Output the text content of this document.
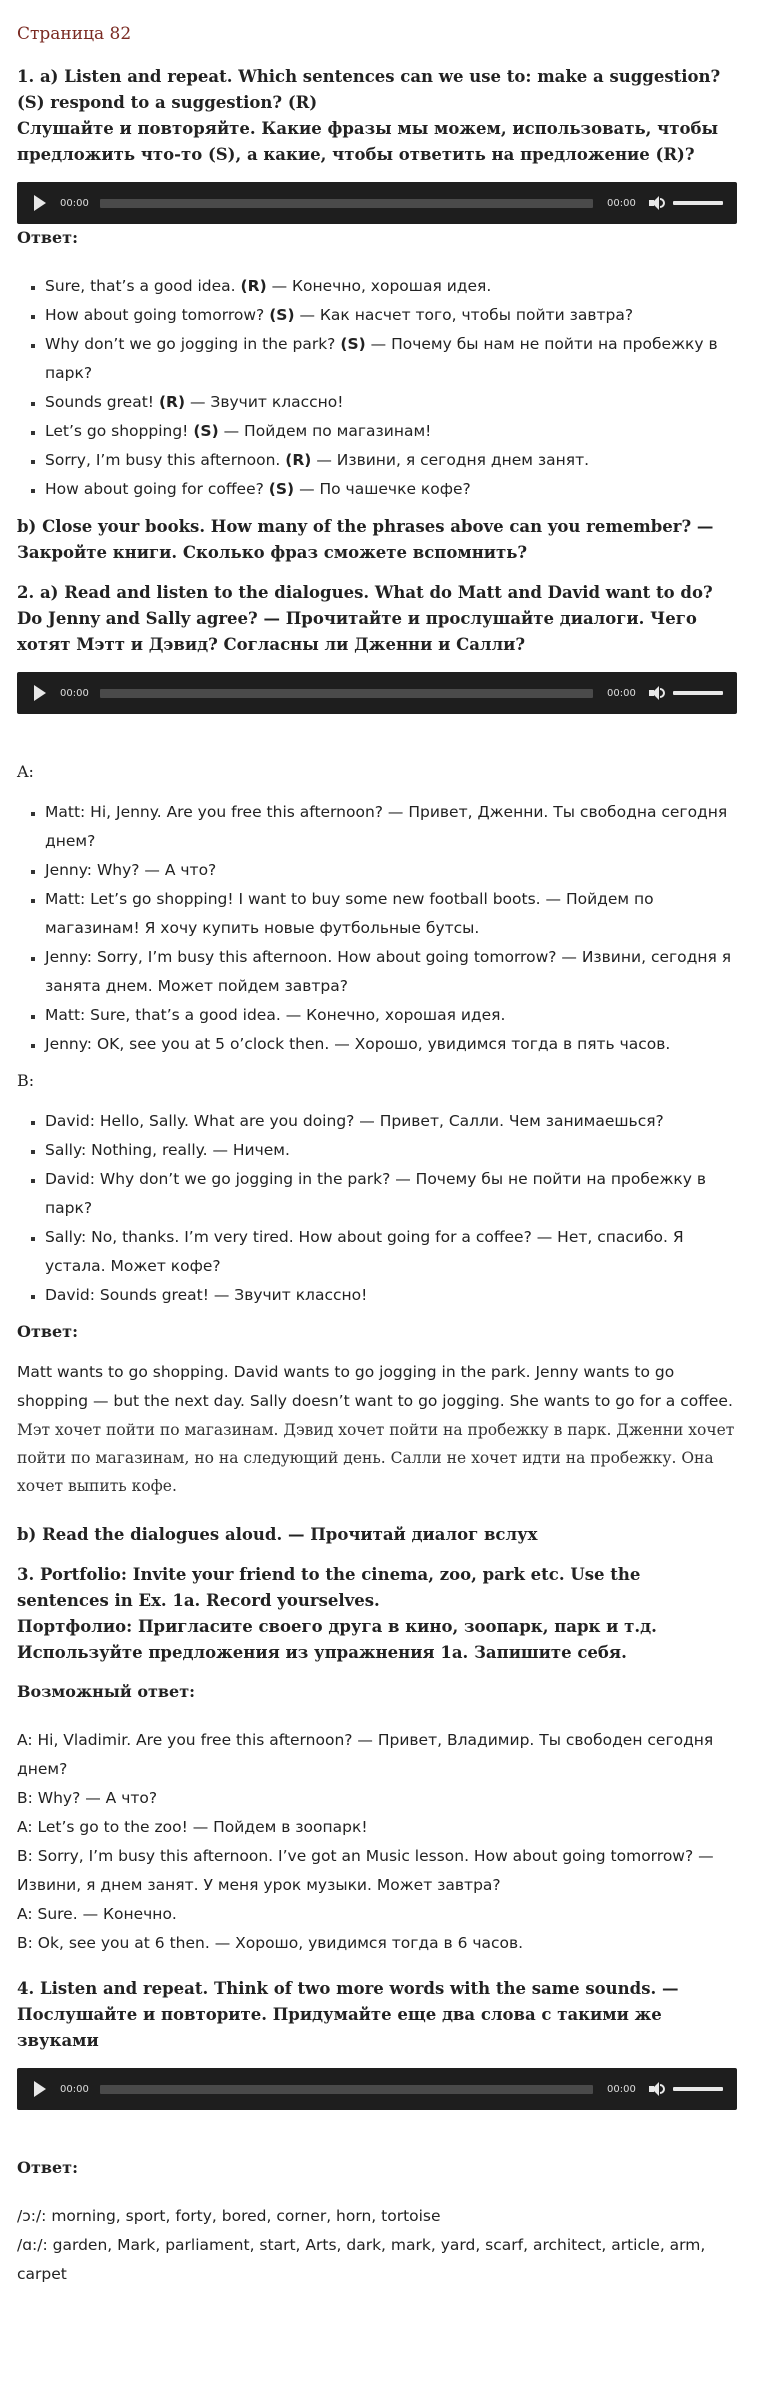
Страница 82

1. a) Listen and repeat. Which sentences can we use to: make a suggestion? (S) respond to a suggestion? (R)

Слушайте и повторяйте. Какие фразы мы можем, использовать, чтобы предложить что-то (S), а какие, чтобы ответить на предложение (R)?

00:00	00:00
Ответ:
▪ Sure, that’s a good idea. (R) — Конечно, хорошая идея.
▪ How about going tomorrow? (S) — Как насчет того, чтобы пойти завтра?
▪ Why don’t we go jogging in the park? (S) — Почему бы нам не пойти на пробежку в парк?
▪ Sounds great! (R) — Звучит классно!
▪ Let’s go shopping! (S) — Пойдем по магазинам!
▪ Sorry, I’m busy this afternoon. (R) — Извини, я сегодня днем занят.
▪ How about going for coffee? (S) — По чашечке кофе?

b) Close your books. How many of the phrases above can you remember? — Закройте книги. Сколько фраз сможете вспомнить?

2. a) Read and listen to the dialogues. What do Matt and David want to do? Do Jenny and Sally agree? — Прочитайте и прослушайте диалоги. Чего хотят Мэтт и Дэвид? Согласны ли Дженни и Салли?

00:00	00:00
A:
▪ Matt: Hi, Jenny. Are you free this afternoon? — Привет, Дженни. Ты свободна сегодня днем?
▪ Jenny: Why? — А что?
▪ Matt: Let’s go shopping! I want to buy some new football boots. — Пойдем по магазинам! Я хочу купить новые футбольные бутсы.
▪ Jenny: Sorry, I’m busy this afternoon. How about going tomorrow? — Извини, сегодня я занята днем. Может пойдем завтра?
▪ Matt: Sure, that’s a good idea. — Конечно, хорошая идея.
▪ Jenny: OK, see you at 5 o’clock then. — Хорошо, увидимся тогда в пять часов.
B:
▪ David: Hello, Sally. What are you doing? — Привет, Салли. Чем занимаешься?
▪ Sally: Nothing, really. — Ничем.
▪ David: Why don’t we go jogging in the park? — Почему бы не пойти на пробежку в парк?
▪ Sally: No, thanks. I’m very tired. How about going for a coffee? — Нет, спасибо. Я устала. Может кофе?
▪ David: Sounds great! — Звучит классно!
Ответ:

Matt wants to go shopping. David wants to go jogging in the park. Jenny wants to go shopping — but the next day. Sally doesn’t want to go jogging. She wants to go for a coffee.

Мэт хочет пойти по магазинам. Дэвид хочет пойти на пробежку в парк. Дженни хочет пойти по магазинам, но на следующий день. Салли не хочет идти на пробежку. Она хочет выпить кофе.

b) Read the dialogues aloud. — Прочитай диалог вслух

3. Portfolio: Invite your friend to the cinema, zoo, park etc. Use the sentences in Ex. 1a. Record yourselves.

Портфолио: Пригласите своего друга в кино, зоопарк, парк и т.д. Используйте предложения из упражнения 1а. Запишите себя.

Возможный ответ:
A: Hi, Vladimir. Are you free this afternoon? — Привет, Владимир. Ты свободен сегодня днем?
B: Why? — А что?
A: Let’s go to the zoo! — Пойдем в зоопарк!
B: Sorry, I’m busy this afternoon. I’ve got an Music lesson. How about going tomorrow? — Извини, я днем занят. У меня урок музыки. Может завтра?
A: Sure. — Конечно.
B: Ok, see you at 6 then. — Хорошо, увидимся тогда в 6 часов.

4. Listen and repeat. Think of two more words with the same sounds. — Послушайте и повторите. Придумайте еще два слова с такими же звуками

00:00	00:00
Ответ:
/ɔ:/: morning, sport, forty, bored, corner, horn, tortoise
/ɑ:/: garden, Mark, parliament, start, Arts, dark, mark, yard, scarf, architect, article, arm, carpet
